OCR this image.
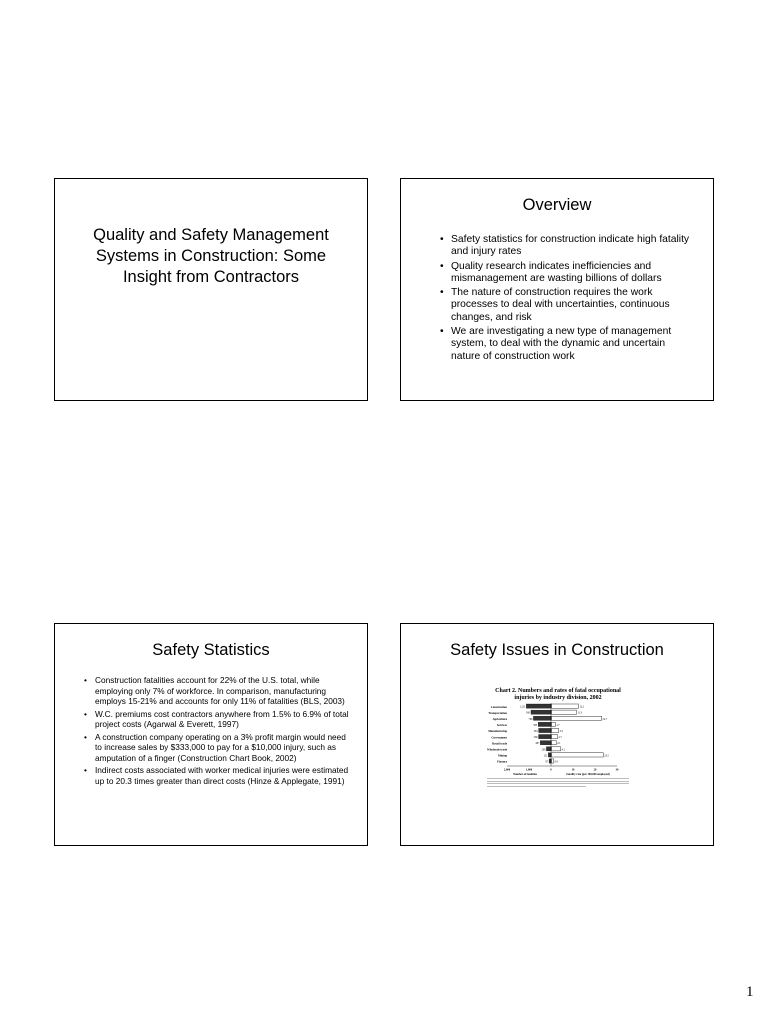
Quality and Safety Management Systems in Construction: Some Insight from Contractors
Overview
• Safety statistics for construction indicate high fatality and injury rates
• Quality research indicates inefficiencies and mismanagement are wasting billions of dollars
• The nature of construction requires the work processes to deal with uncertainties, continuous changes, and risk
• We are investigating a new type of management system, to deal with the dynamic and uncertain nature of construction work
Safety Statistics
• Construction fatalities account for 22% of the U.S. total, while employing only 7% of workforce. In comparison, manufacturing employs 15-21% and accounts for only 11% of fatalities (BLS, 2003)
• W.C. premiums cost contractors anywhere from 1.5% to 6.9% of total project costs (Agarwal & Everett, 1997)
• A construction company operating on a 3% profit margin would need to increase sales by $333,000 to pay for a $10,000 injury, such as amputation of a finger (Construction Chart Book, 2002)
• Indirect costs associated with worker medical injuries were estimated up to 20.3 times greater than direct costs (Hinze & Applegate, 1991)
Safety Issues in Construction
Chart 2. Numbers and rates of fatal occupational
injuries by industry division, 2002
Construction	1,121	12.2
Transportation	910	11.3
Agriculture	799	22.7
Services	583	1.7
Manufacturing	563	3.2
Government	566	2.7
Retail trade	487	2.1
Wholesale trade	208	4.1
Mining	121	23.5
Finance	87 0.9
2,000	1,000	0	10	20	30
Number of fatalities	Fatality rate (per 100,000 employed)
1
